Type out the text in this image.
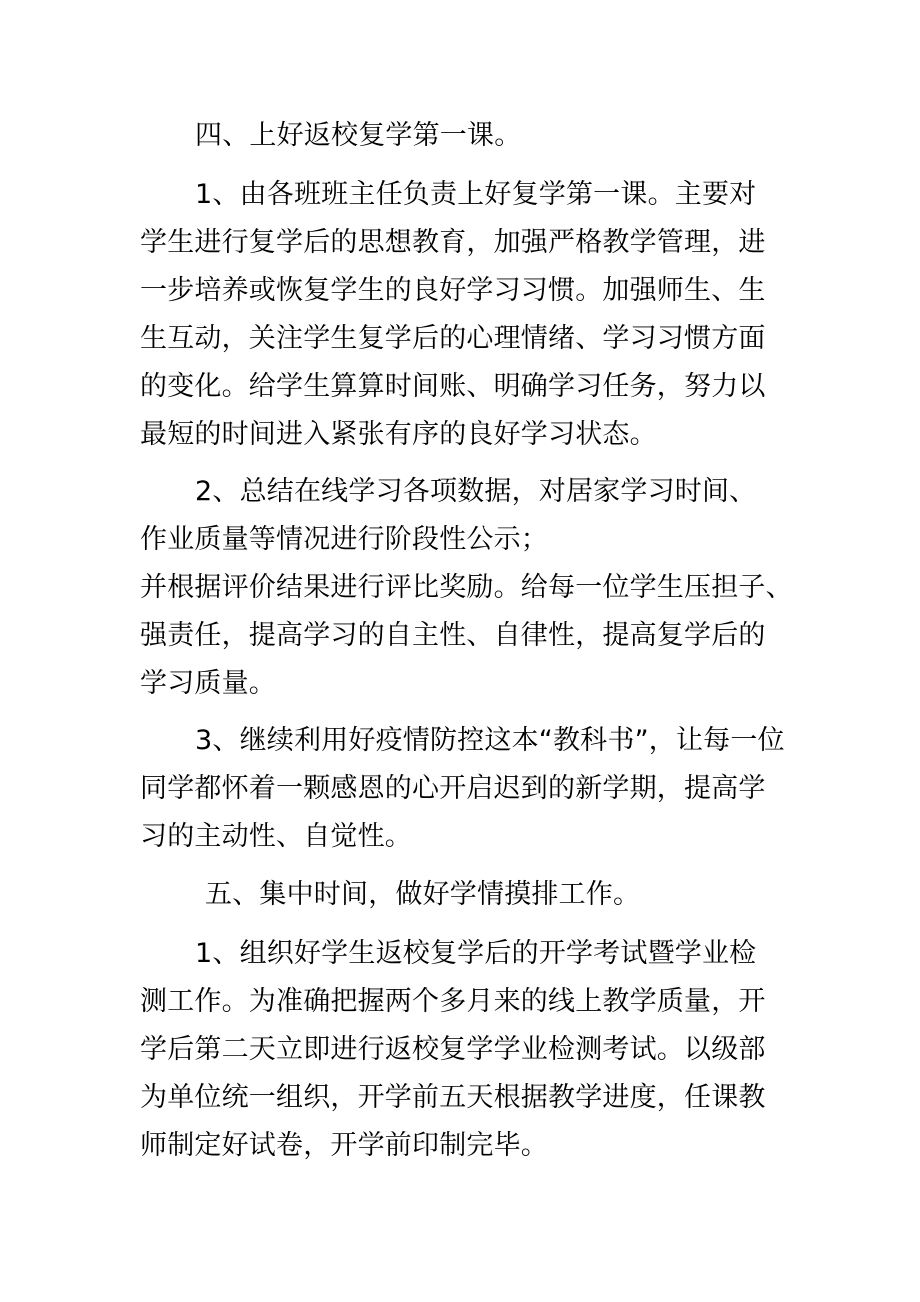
四、上好返校复学第一课。
1、由各班班主任负责上好复学第一课。主要对
学生进行复学后的思想教育，加强严格教学管理，进
一步培养或恢复学生的良好学习习惯。加强师生、生
生互动，关注学生复学后的心理情绪、学习习惯方面
的变化。给学生算算时间账、明确学习任务，努力以
最短的时间进入紧张有序的良好学习状态。
2、总结在线学习各项数据，对居家学习时间、
作业质量等情况进行阶段性公示；
并根据评价结果进行评比奖励。给每一位学生压担子、
强责任，提高学习的自主性、自律性，提高复学后的
学习质量。
3、继续利用好疫情防控这本“教科书”，让每一位
同学都怀着一颗感恩的心开启迟到的新学期，提高学
习的主动性、自觉性。
五、集中时间，做好学情摸排工作。
1、组织好学生返校复学后的开学考试暨学业检
测工作。为准确把握两个多月来的线上教学质量，开
学后第二天立即进行返校复学学业检测考试。以级部
为单位统一组织，开学前五天根据教学进度，任课教
师制定好试卷，开学前印制完毕。
